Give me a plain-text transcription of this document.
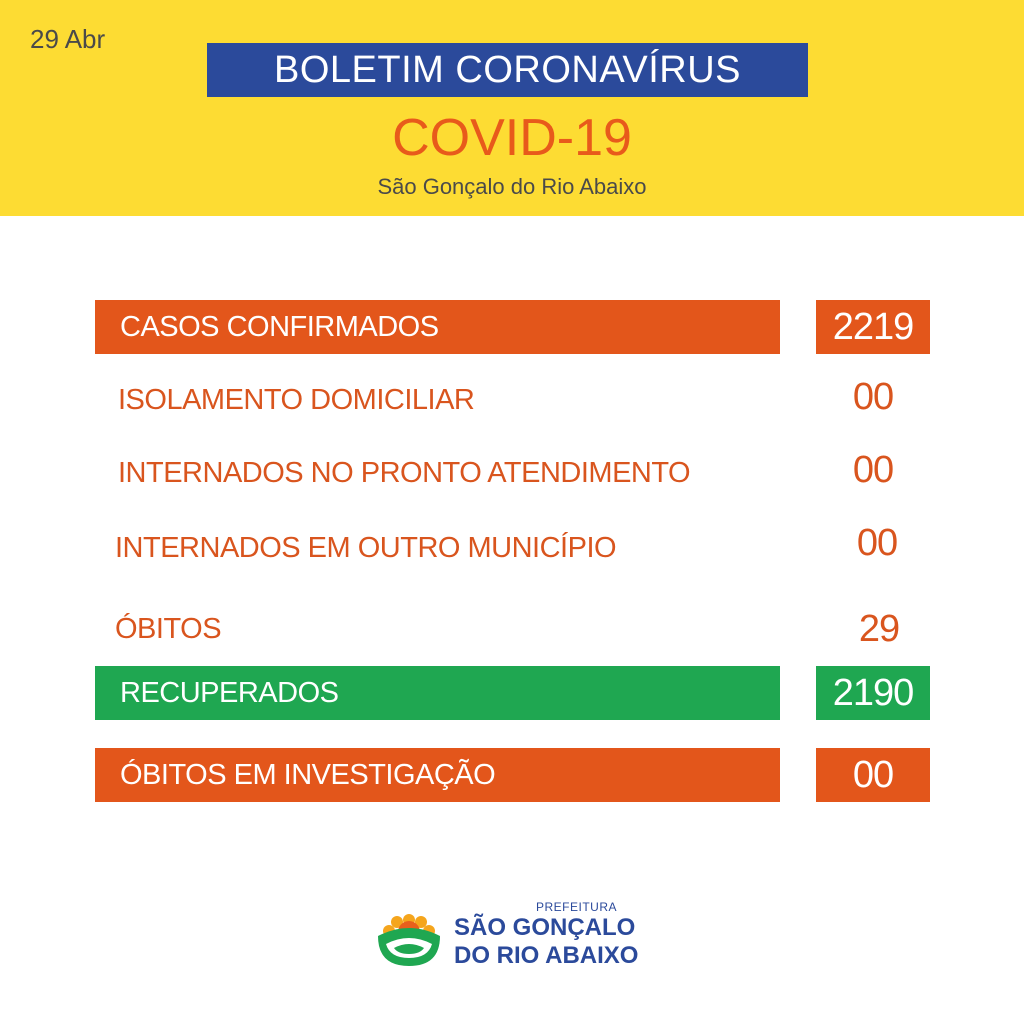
29 Abr
BOLETIM CORONAVÍRUS
COVID-19
São Gonçalo do Rio Abaixo
CASOS CONFIRMADOS	2219
ISOLAMENTO DOMICILIAR	00
INTERNADOS NO PRONTO ATENDIMENTO	00
INTERNADOS EM OUTRO MUNICÍPIO	00
ÓBITOS	29
RECUPERADOS	2190
ÓBITOS EM INVESTIGAÇÃO	00
PREFEITURA
SÃO GONÇALO
DO RIO ABAIXO
